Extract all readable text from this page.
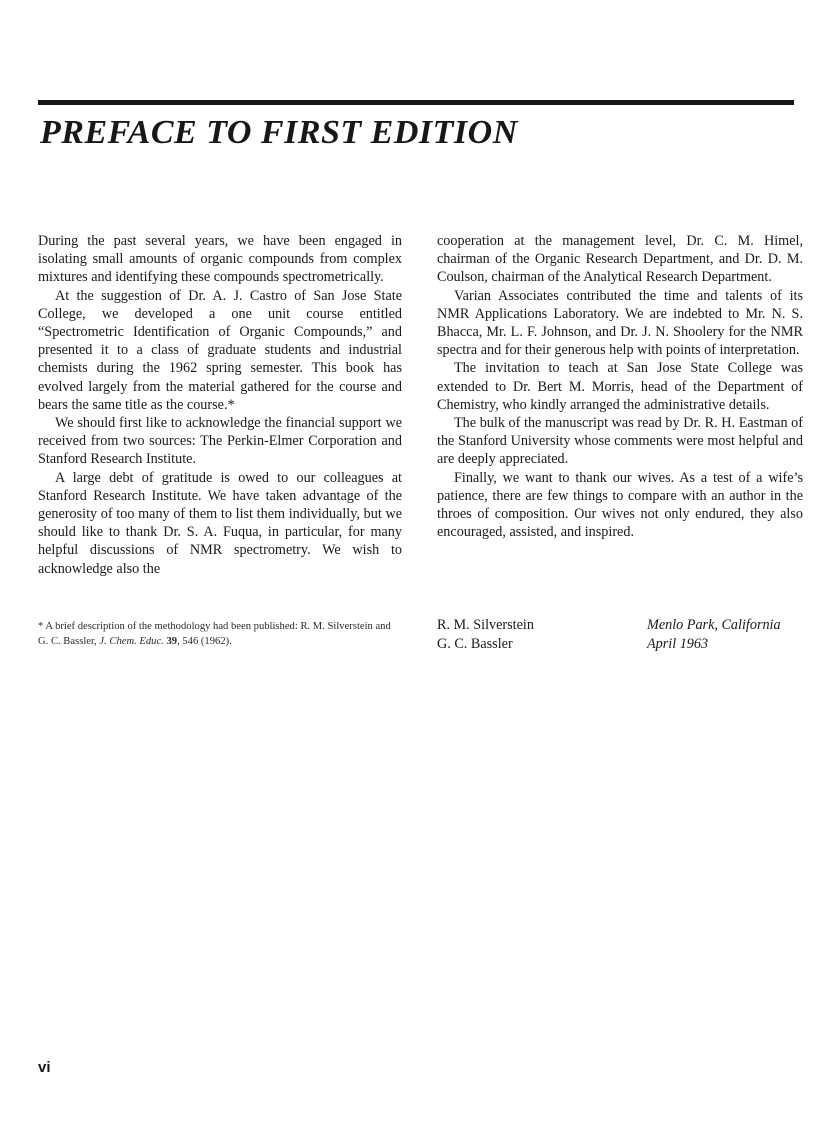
PREFACE TO FIRST EDITION

During the past several years, we have been engaged in isolating small amounts of organic compounds from complex mixtures and identifying these compounds spectrometrically.

At the suggestion of Dr. A. J. Castro of San Jose State College, we developed a one unit course entitled “Spectrometric Identification of Organic Compounds,” and presented it to a class of graduate students and industrial chemists during the 1962 spring semester. This book has evolved largely from the material gathered for the course and bears the same title as the course.*

We should first like to acknowledge the financial support we received from two sources: The Perkin-Elmer Corporation and Stanford Research Institute.

A large debt of gratitude is owed to our colleagues at Stanford Research Institute. We have taken advantage of the generosity of too many of them to list them individually, but we should like to thank Dr. S. A. Fuqua, in particular, for many helpful discussions of NMR spectrometry. We wish to acknowledge also the

cooperation at the management level, Dr. C. M. Himel, chairman of the Organic Research Department, and Dr. D. M. Coulson, chairman of the Analytical Research Department.

Varian Associates contributed the time and talents of its NMR Applications Laboratory. We are indebted to Mr. N. S. Bhacca, Mr. L. F. Johnson, and Dr. J. N. Shoolery for the NMR spectra and for their generous help with points of interpretation.

The invitation to teach at San Jose State College was extended to Dr. Bert M. Morris, head of the Department of Chemistry, who kindly arranged the administrative details.

The bulk of the manuscript was read by Dr. R. H. Eastman of the Stanford University whose comments were most helpful and are deeply appreciated.

Finally, we want to thank our wives. As a test of a wife’s patience, there are few things to compare with an author in the throes of composition. Our wives not only endured, they also encouraged, assisted, and inspired.

* A brief description of the methodology had been published: R. M. Silverstein and G. C. Bassler, J. Chem. Educ. 39, 546 (1962).
R. M. Silverstein	Menlo Park, California
G. C. Bassler	April 1963
vi
